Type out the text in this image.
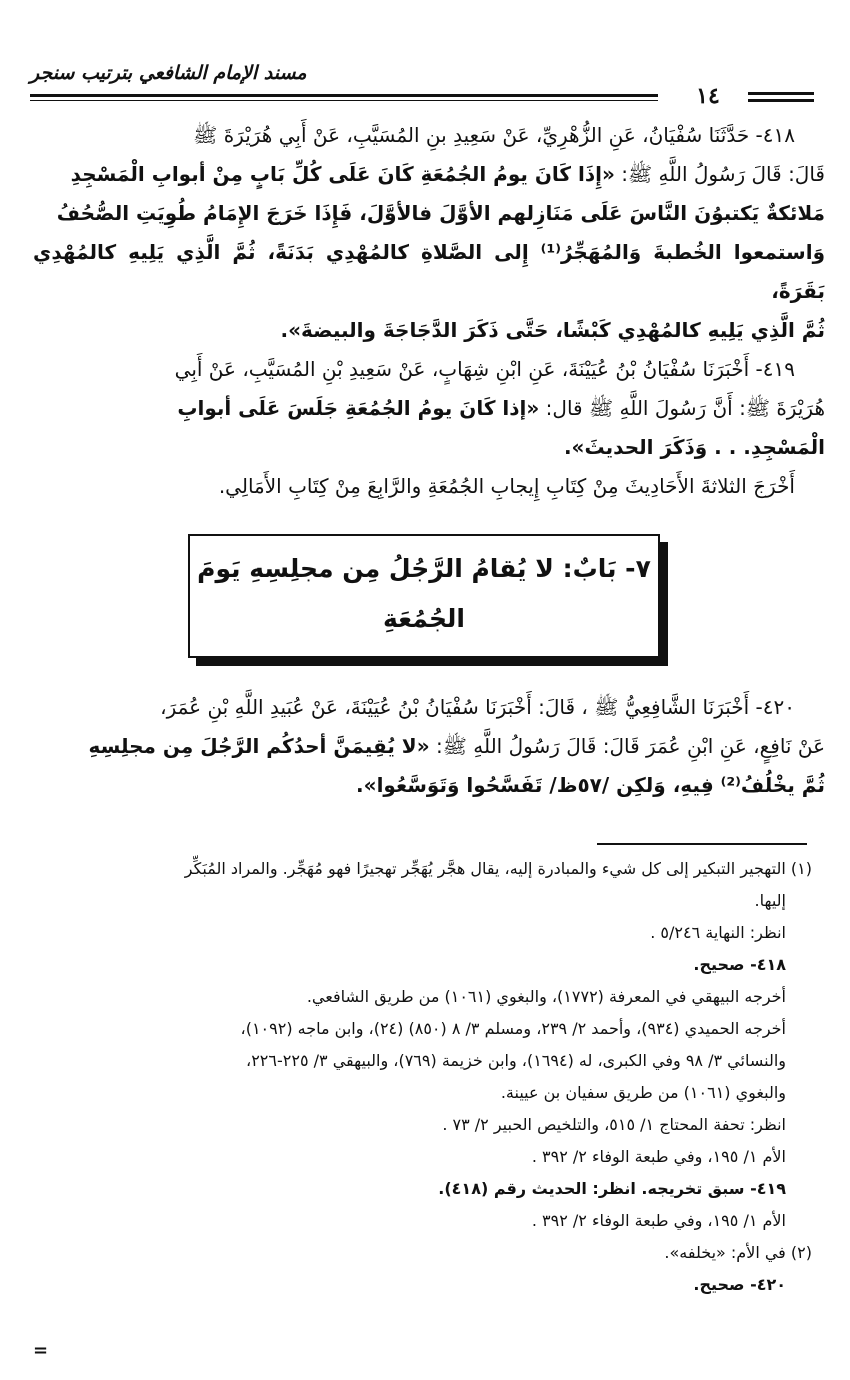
مسند الإمام الشافعي بترتيب سنجر
١٤

٤١٨- حَدَّثَنَا سُفْيَانُ، عَنِ الزُّهْرِيِّ، عَنْ سَعِيدِ بنِ المُسَيَّبِ، عَنْ أَبِي هُرَيْرَةَ ﷺ

قَالَ: قَالَ رَسُولُ اللَّهِ ﷺ: «إِذَا كَانَ يومُ الجُمُعَةِ كَانَ عَلَى كُلِّ بَابٍ مِنْ أبوابِ الْمَسْجِدِ

مَلائكةٌ يَكتبوُنَ النَّاسَ عَلَى مَنَازِلهم الأوَّلَ فالأوَّلَ، فَإِذَا خَرَجَ الإِمَامُ طُوِيَتِ الصُّحُفُ

وَاستمعوا الخُطبةَ وَالمُهَجِّرُ⁽¹⁾ إِلى الصَّلاةِ كالمُهْدِي بَدَنَةً، ثُمَّ الَّذِي يَلِيهِ كالمُهْدِي بَقَرَةً،

ثُمَّ الَّذِي يَلِيهِ كالمُهْدِي كَبْشًا، حَتَّى ذَكَرَ الدَّجَاجَةَ والبيضةَ».

٤١٩- أَخْبَرَنَا سُفْيَانُ بْنُ عُيَيْنَةَ، عَنِ ابْنِ شِهَابٍ، عَنْ سَعِيدِ بْنِ المُسَيَّبِ، عَنْ أَبِي

هُرَيْرَةَ ﷺ: أَنَّ رَسُولَ اللَّهِ ﷺ قال: «إذا كَانَ يومُ الجُمُعَةِ جَلَسَ عَلَى أبوابِ

الْمَسْجِدِ. . . وَذَكَرَ الحديثَ».

أَخْرَجَ الثلاثةَ الأَحَادِيثَ مِنْ كِتَابِ إِيجابِ الجُمُعَةِ والرَّابِعَ مِنْ كِتَابِ الأَمَالِي.

٧- بَابٌ: لا يُقامُ الرَّجُلُ مِن مجلِسِهِ يَومَ
الجُمُعَةِ

٤٢٠- أَخْبَرَنَا الشَّافِعِيُّ ﷺ ، قَالَ: أَخْبَرَنَا سُفْيَانُ بْنُ عُيَيْنَةَ، عَنْ عُبَيدِ اللَّهِ بْنِ عُمَرَ،

عَنْ نَافِعٍ، عَنِ ابْنِ عُمَرَ قَالَ: قَالَ رَسُولُ اللَّهِ ﷺ: «لا يُقِيمَنَّ أحدُكُم الرَّجُلَ مِن مجلِسِهِ

ثُمَّ يخْلُفُ⁽²⁾ فِيهِ، وَلكِن /٥٧ظ/ تَفَسَّحُوا وَتَوَسَّعُوا».

(١) التهجير التبكير إلى كل شيء والمبادرة إليه، يقال هجَّر يُهَجِّر تهجيرًا فهو مُهَجِّر. والمراد المُبَكِّر

إليها.

انظر: النهاية ٥/٢٤٦ .

٤١٨- صحيح.

أخرجه البيهقي في المعرفة (١٧٧٢)، والبغوي (١٠٦١) من طريق الشافعي.

أخرجه الحميدي (٩٣٤)، وأحمد ٢/ ٢٣٩، ومسلم ٣/ ٨ (٨٥٠) (٢٤)، وابن ماجه (١٠٩٢)،

والنسائي ٣/ ٩٨ وفي الكبرى، له (١٦٩٤)، وابن خزيمة (٧٦٩)، والبيهقي ٣/ ٢٢٥-٢٢٦،

والبغوي (١٠٦١) من طريق سفيان بن عيينة.

انظر: تحفة المحتاج ١/ ٥١٥، والتلخيص الحبير ٢/ ٧٣ .

الأم ١/ ١٩٥، وفي طبعة الوفاء ٢/ ٣٩٢ .

٤١٩- سبق تخريجه. انظر: الحديث رقم (٤١٨).

الأم ١/ ١٩٥، وفي طبعة الوفاء ٢/ ٣٩٢ .

(٢) في الأم: «يخلفه».

٤٢٠- صحيح.

=
